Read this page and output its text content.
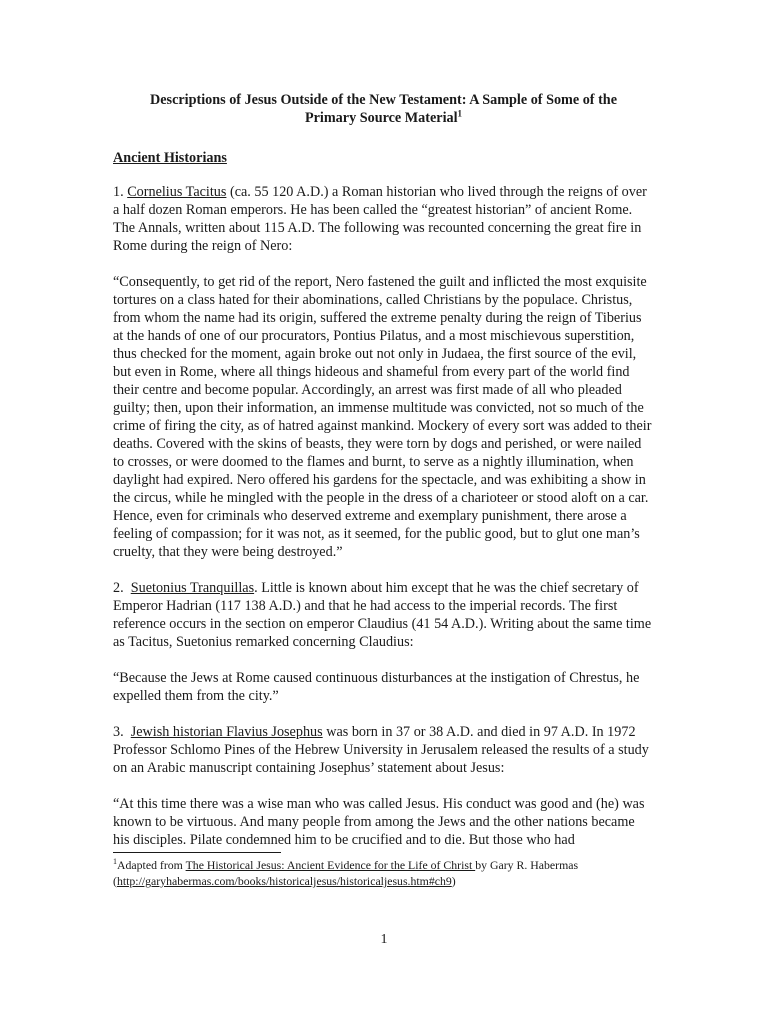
Descriptions of Jesus Outside of the New Testament: A Sample of Some of the
Primary Source Material$^1$
Ancient Historians

1. Cornelius Tacitus (ca. 55 120 A.D.) a Roman historian who lived through the reigns of over a half dozen Roman emperors. He has been called the “greatest historian” of ancient Rome. The Annals, written about 115 A.D. The following was recounted concerning the great fire in Rome during the reign of Nero:

“Consequently, to get rid of the report, Nero fastened the guilt and inflicted the most exquisite tortures on a class hated for their abominations, called Christians by the populace. Christus, from whom the name had its origin, suffered the extreme penalty during the reign of Tiberius at the hands of one of our procurators, Pontius Pilatus, and a most mischievous superstition, thus checked for the moment, again broke out not only in Judaea, the first source of the evil, but even in Rome, where all things hideous and shameful from every part of the world find their centre and become popular. Accordingly, an arrest was first made of all who pleaded guilty; then, upon their information, an immense multitude was convicted, not so much of the crime of firing the city, as of hatred against mankind. Mockery of every sort was added to their deaths. Covered with the skins of beasts, they were torn by dogs and perished, or were nailed to crosses, or were doomed to the flames and burnt, to serve as a nightly illumination, when daylight had expired. Nero offered his gardens for the spectacle, and was exhibiting a show in the circus, while he mingled with the people in the dress of a charioteer or stood aloft on a car. Hence, even for criminals who deserved extreme and exemplary punishment, there arose a feeling of compassion; for it was not, as it seemed, for the public good, but to glut one man’s cruelty, that they were being destroyed.”

2. Suetonius Tranquillas. Little is known about him except that he was the chief secretary of Emperor Hadrian (117 138 A.D.) and that he had access to the imperial records. The first reference occurs in the section on emperor Claudius (41 54 A.D.). Writing about the same time as Tacitus, Suetonius remarked concerning Claudius:

“Because the Jews at Rome caused continuous disturbances at the instigation of Chrestus, he expelled them from the city.”

3. Jewish historian Flavius Josephus was born in 37 or 38 A.D. and died in 97 A.D. In 1972 Professor Schlomo Pines of the Hebrew University in Jerusalem released the results of a study on an Arabic manuscript containing Josephus’ statement about Jesus:

“At this time there was a wise man who was called Jesus. His conduct was good and (he) was known to be virtuous. And many people from among the Jews and the other nations became his disciples. Pilate condemned him to be crucified and to die. But those who had

$^1$Adapted from The Historical Jesus: Ancient Evidence for the Life of Christ by Gary R. Habermas
(http://garyhabermas.com/books/historicaljesus/historicaljesus.htm#ch9)
1
